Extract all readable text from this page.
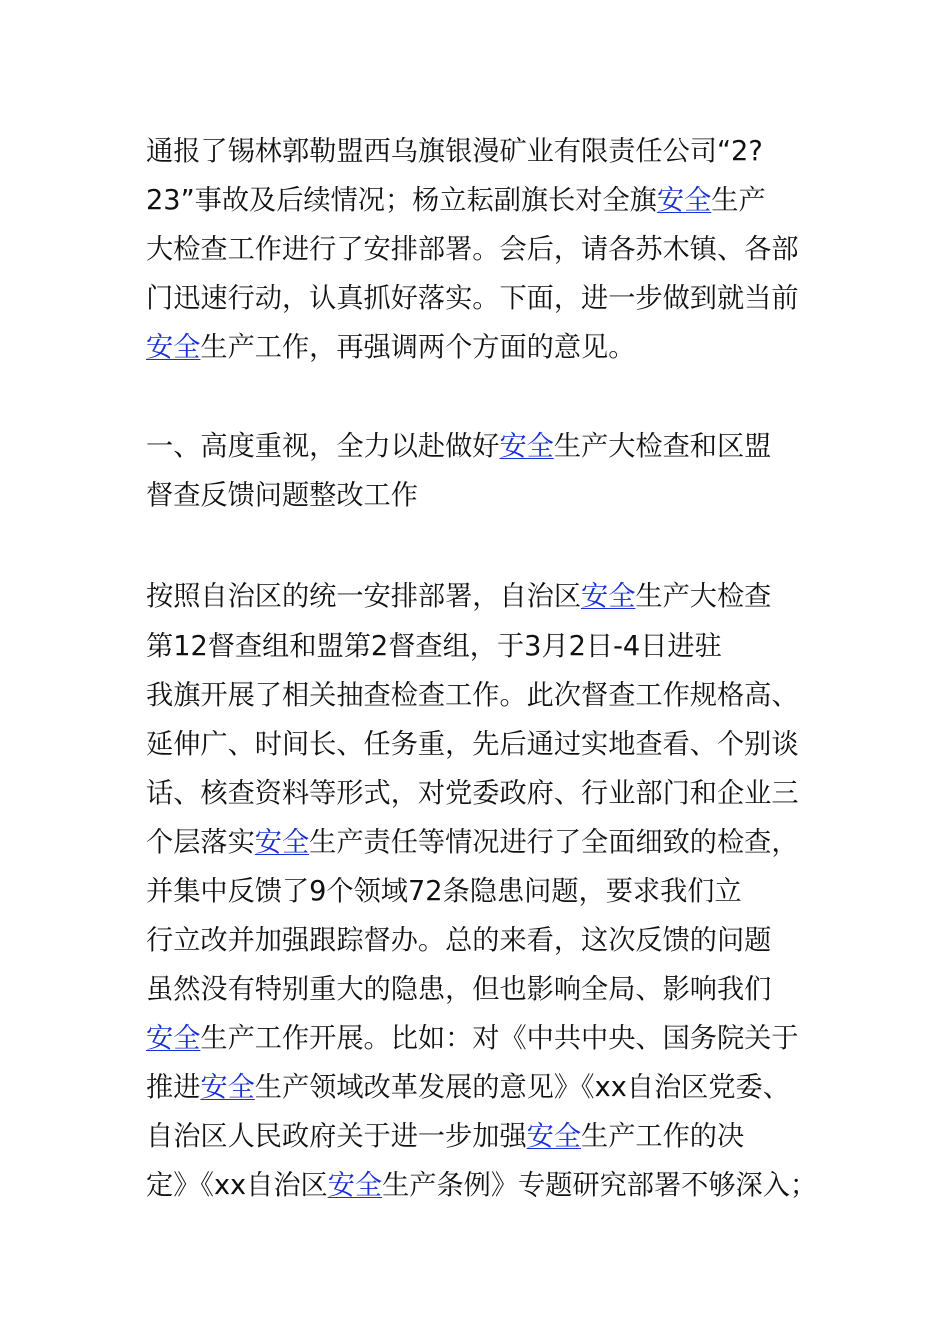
通报了锡林郭勒盟西乌旗银漫矿业有限责任公司“2?
23”事故及后续情况；杨立耘副旗长对全旗安全生产
大检查工作进行了安排部署。会后，请各苏木镇、各部
门迅速行动，认真抓好落实。下面，进一步做到就当前
安全生产工作，再强调两个方面的意见。
一、高度重视，全力以赴做好安全生产大检查和区盟
督查反馈问题整改工作
按照自治区的统一安排部署，自治区安全生产大检查
第12督查组和盟第2督查组，于3月2日-4日进驻
我旗开展了相关抽查检查工作。此次督查工作规格高、
延伸广、时间长、任务重，先后通过实地查看、个别谈
话、核查资料等形式，对党委政府、行业部门和企业三
个层落实安全生产责任等情况进行了全面细致的检查，
并集中反馈了9个领域72条隐患问题，要求我们立
行立改并加强跟踪督办。总的来看，这次反馈的问题
虽然没有特别重大的隐患，但也影响全局、影响我们
安全生产工作开展。比如：对《中共中央、国务院关于
推进安全生产领域改革发展的意见》《xx自治区党委、
自治区人民政府关于进一步加强安全生产工作的决
定》《xx自治区安全生产条例》专题研究部署不够深入；
